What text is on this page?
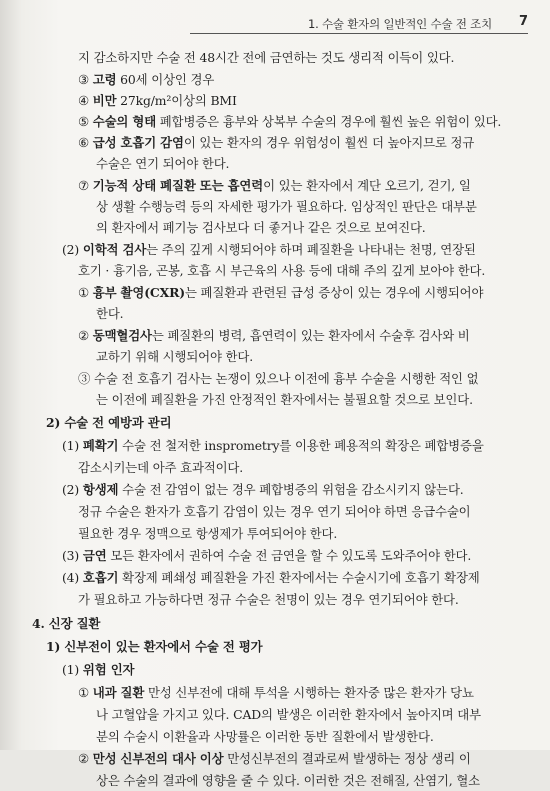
1. 수술 환자의 일반적인 수술 전 조치 7
지 감소하지만 수술 전 48시간 전에 금연하는 것도 생리적 이득이 있다.
③ 고령 60세 이상인 경우
④ 비만 27kg/m²이상의 BMI
⑤ 수술의 형태 폐합병증은 흉부와 상복부 수술의 경우에 훨씬 높은 위험이 있다.
⑥ 급성 호흡기 감염이 있는 환자의 경우 위험성이 훨씬 더 높아지므로 정규
수술은 연기 되어야 한다.
⑦ 기능적 상태 폐질환 또는 흡연력이 있는 환자에서 계단 오르기, 걷기, 일
상 생활 수행능력 등의 자세한 평가가 필요하다. 임상적인 판단은 대부분
의 환자에서 폐기능 검사보다 더 좋거나 같은 것으로 보여진다.
(2) 이학적 검사는 주의 깊게 시행되어야 하며 폐질환을 나타내는 천명, 연장된
호기 · 흉기음, 곤봉, 호흡 시 부근육의 사용 등에 대해 주의 깊게 보아야 한다.
① 흉부 촬영(CXR)는 폐질환과 관련된 급성 증상이 있는 경우에 시행되어야
한다.
② 동맥혈검사는 폐질환의 병력, 흡연력이 있는 환자에서 수술후 검사와 비
교하기 위해 시행되어야 한다.
③ 수술 전 호흡기 검사는 논쟁이 있으나 이전에 흉부 수술을 시행한 적인 없
는 이전에 폐질환을 가진 안정적인 환자에서는 불필요할 것으로 보인다.
2) 수술 전 예방과 관리
(1) 폐확기 수술 전 철저한 insprometry를 이용한 폐용적의 확장은 폐합병증을
감소시키는데 아주 효과적이다.
(2) 항생제 수술 전 감염이 없는 경우 폐합병증의 위험을 감소시키지 않는다.
정규 수술은 환자가 호흡기 감염이 있는 경우 연기 되어야 하면 응급수술이
필요한 경우 정맥으로 항생제가 투여되어야 한다.
(3) 금연 모든 환자에서 권하여 수술 전 금연을 할 수 있도록 도와주어야 한다.
(4) 호흡기 확장제 폐쇄성 폐질환을 가진 환자에서는 수술시기에 호흡기 확장제
가 필요하고 가능하다면 정규 수술은 천명이 있는 경우 연기되어야 한다.
4. 신장 질환
1) 신부전이 있는 환자에서 수술 전 평가
(1) 위험 인자
① 내과 질환 만성 신부전에 대해 투석을 시행하는 환자중 많은 환자가 당뇨
나 고혈압을 가지고 있다. CAD의 발생은 이러한 환자에서 높아지며 대부
분의 수술시 이환율과 사망률은 이러한 동반 질환에서 발생한다.
② 만성 신부전의 대사 이상 만성신부전의 결과로써 발생하는 정상 생리 이
상은 수술의 결과에 영향을 줄 수 있다. 이러한 것은 전해질, 산염기, 혈소
